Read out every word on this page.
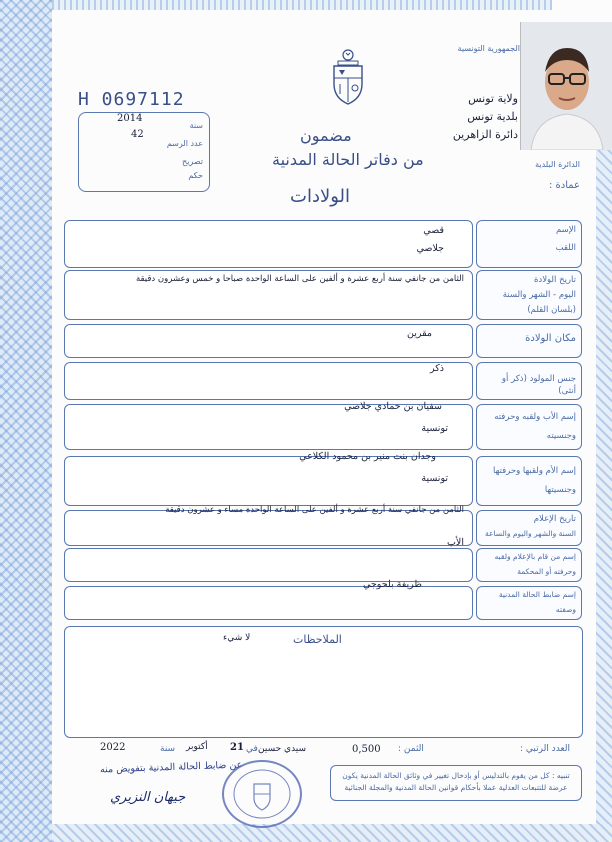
الجمهورية التونسية
ولاية تونس
بلدية تونس
دائرة الزاهرين
الدائرة البلدية
عمادة :
H 0697112
2014
سنة
42
عدد الرسم
تصريح
حكم
مضمون
من دفاتر الحالة المدنية
الولادات
الإسم
اللقب
قصي
جلاصي
تاريخ الولادة
اليوم - الشهر والسنة
(بلسان القلم)
الثامن من جانفي سنة أربع عشرة و ألفين على الساعة الواحدة صباحا و خمس وعشرون دقيقة
مكان الولادة
مقرين
جنس المولود (ذكر أو أنثى)
ذكر
إسم الأب ولقبه وحرفته
وجنسيته
سفيان بن حمادي جلاصي
تونسية
إسم الأم ولقبها وحرفتها
وجنسيتها
وجدان بنت منير بن محمود الكلاعي
تونسية
تاريخ الإعلام
السنة والشهر واليوم والساعة
الثامن من جانفي سنة أربع عشرة و ألفين على الساعة الواحدة مساء و عشرون دقيقة
إسم من قام بالإعلام ولقبه
وحرفته أو المحكمة
الأب
إسم ضابط الحالة المدنية
وصفته
ظريفة بلحوجي
الملاحظات
لا شيء
العدد الرتبي :
الثمن :
0,500
سيدي حسين
في
21
أكتوبر
سنة
2022
تنبيه : كل من يقوم بالتدليس أو بإدخال تغيير في وثائق الحالة المدنية يكون عرضة للتتبعات العدلية عملا بأحكام قوانين الحالة المدنية والمجلة الجنائية
عن ضابط الحالة المدنية بتفويض منه
جيهان النزيري
